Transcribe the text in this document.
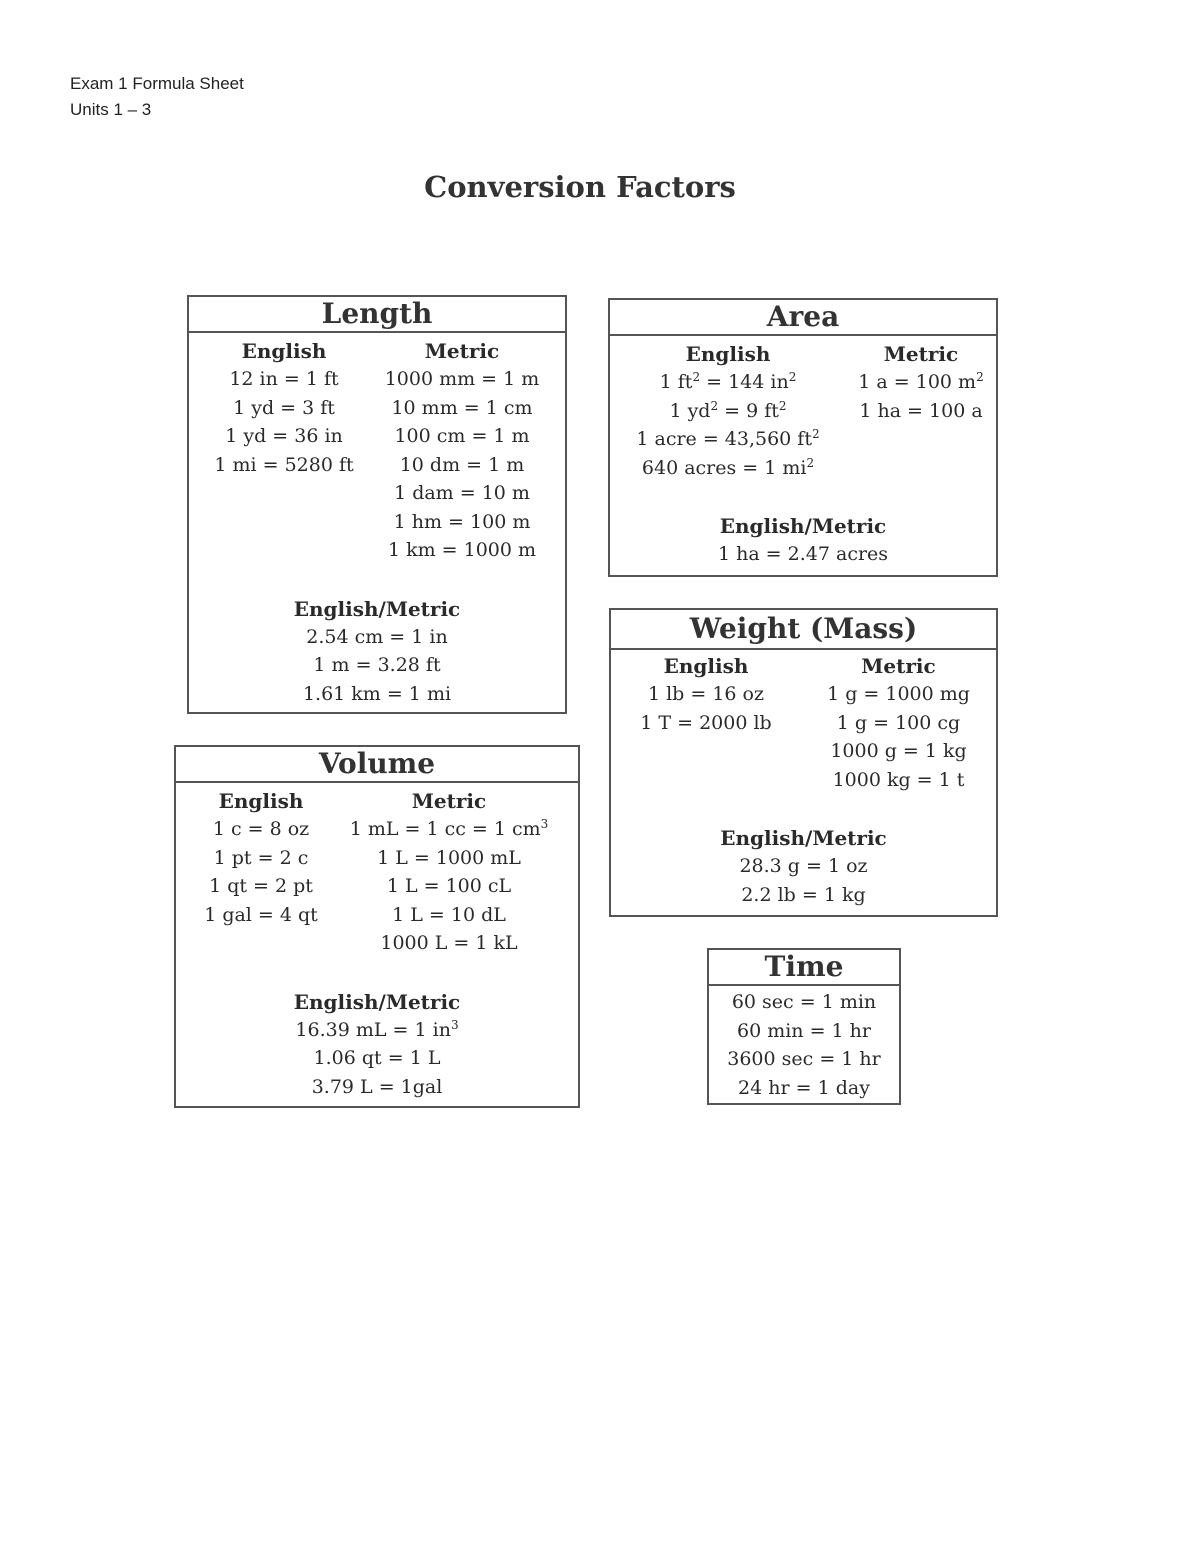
Exam 1 Formula Sheet
Units 1 – 3
Conversion Factors
Length
English
12 in = 1 ft
1 yd = 3 ft
1 yd = 36 in
1 mi = 5280 ft
Metric
1000 mm = 1 m
10 mm = 1 cm
100 cm = 1 m
10 dm = 1 m
1 dam = 10 m
1 hm = 100 m
1 km = 1000 m
English/Metric
2.54 cm = 1 in
1 m = 3.28 ft
1.61 km = 1 mi
Volume
English
1 c = 8 oz
1 pt = 2 c
1 qt = 2 pt
1 gal = 4 qt
Metric
1 mL = 1 cc = 1 $cm^3$
1 L = 1000 mL
1 L = 100 cL
1 L = 10 dL
1000 L = 1 kL
English/Metric
16.39 mL = 1 $in^3$
1.06 qt = 1 L
3.79 L = 1gal
Area
English
1 $ft^2 = 144$ $in^2$
1 $yd^2 = 9$ $ft^2$
1 acre = 43,560 $ft^2$
640 acres = 1 $mi^2$
Metric
1 a = 100 $m^2$
1 ha = 100 a
English/Metric
1 ha = 2.47 acres
Weight (Mass)
English
1 lb = 16 oz
1 T = 2000 lb
Metric
1 g = 1000 mg
1 g = 100 cg
1000 g = 1 kg
1000 kg = 1 t
English/Metric
28.3 g = 1 oz
2.2 lb = 1 kg
Time
60 sec = 1 min
60 min = 1 hr
3600 sec = 1 hr
24 hr = 1 day
